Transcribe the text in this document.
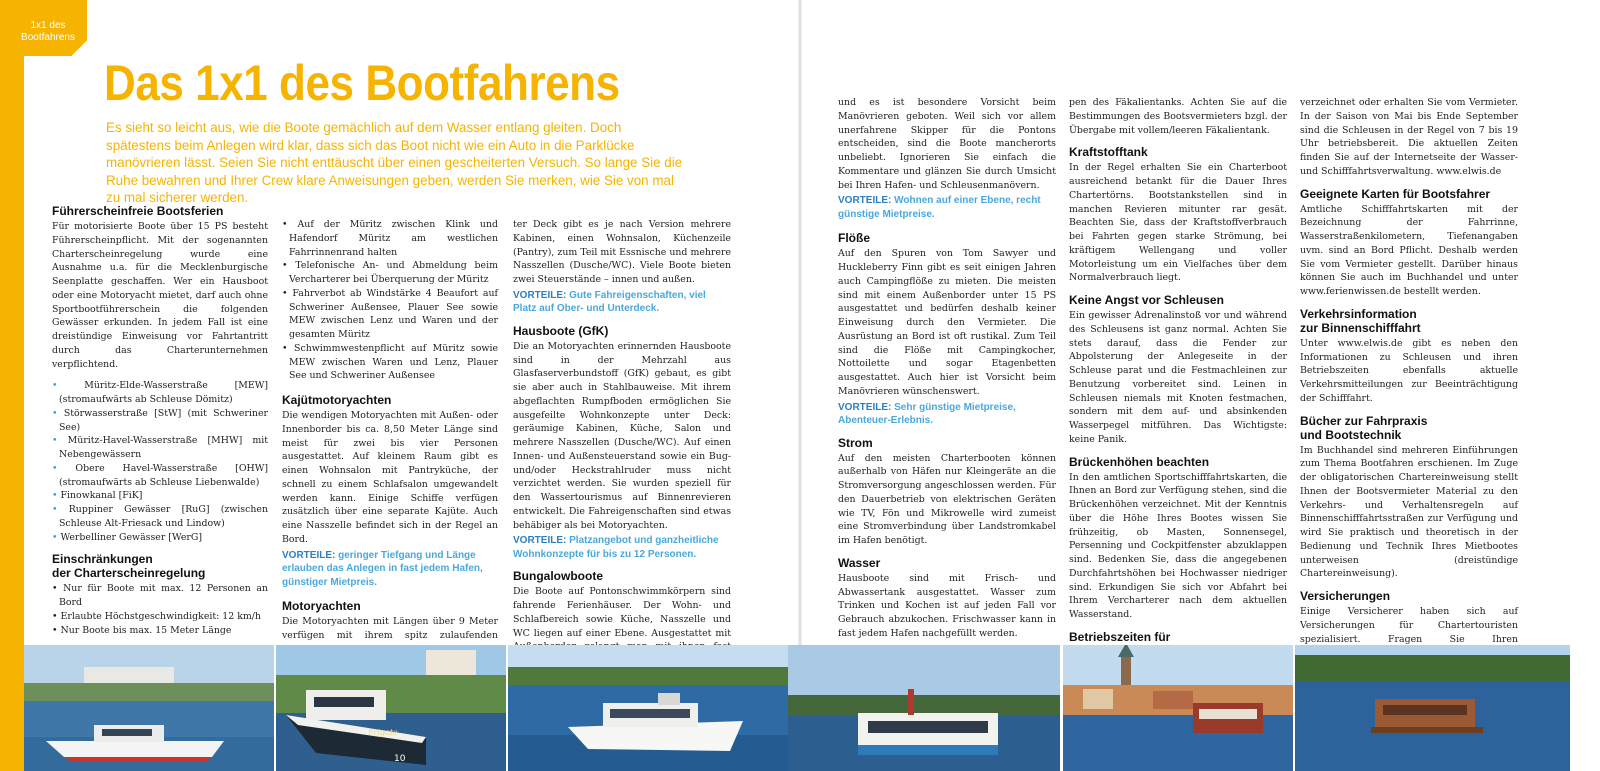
1x1 des
Bootfahrens
Das 1x1 des Bootfahrens

Es sieht so leicht aus, wie die Boote gemächlich auf dem Wasser entlang gleiten. Doch spätestens beim Anlegen wird klar, dass sich das Boot nicht wie ein Auto in die Parklücke manövrieren lässt. Seien Sie nicht enttäuscht über einen gescheiterten Versuch. So lange Sie die Ruhe bewahren und Ihrer Crew klare Anweisungen geben, werden Sie merken, wie Sie von mal zu mal sicherer werden.

Führerscheinfreie Bootsferien

Für motorisierte Boote über 15 PS besteht Führerscheinpflicht. Mit der sogenannten Charterscheinregelung wurde eine Ausnahme u.a. für die Mecklenburgische Seenplatte geschaffen. Wer ein Hausboot oder eine Motoryacht mietet, darf auch ohne Sportbootführerschein die folgenden Gewässer erkunden. In jedem Fall ist eine dreistündige Einweisung vor Fahrtantritt durch das Charterunternehmen verpflichtend.

• Müritz-Elde-Wasserstraße [MEW] (stromaufwärts ab Schleuse Dömitz)
• Störwasserstraße [StW] (mit Schweriner See)
• Müritz-Havel-Wasserstraße [MHW] mit Nebengewässern
• Obere Havel-Wasserstraße [OHW] (stromaufwärts ab Schleuse Liebenwalde)
• Finowkanal [FiK]
• Ruppiner Gewässer [RuG] (zwischen Schleuse Alt-Friesack und Lindow)
• Werbelliner Gewässer [WerG]
Einschränkungen
der Charterscheinregelung
• Nur für Boote mit max. 12 Personen an Bord
• Erlaubte Höchstgeschwindigkeit: 12 km/h
• Nur Boote bis max. 15 Meter Länge
•
• Auf der Müritz zwischen Klink und Hafendorf Müritz am westlichen Fahrrinnenrand halten
• Telefonische An- und Abmeldung beim Vercharterer bei Überquerung der Müritz
• Fahrverbot ab Windstärke 4 Beaufort auf Schweriner Außensee, Plauer See sowie MEW zwischen Lenz und Waren und der gesamten Müritz
• Schwimmwestenpflicht auf Müritz sowie MEW zwischen Waren und Lenz, Plauer See und Schweriner Außensee
Kajütmotoryachten

Die wendigen Motoryachten mit Außen- oder Innenborder bis ca. 8,50 Meter Länge sind meist für zwei bis vier Personen ausgestattet. Auf kleinem Raum gibt es einen Wohnsalon mit Pantryküche, der schnell zu einem Schlafsalon umgewandelt werden kann. Einige Schiffe verfügen zusätzlich über eine separate Kajüte. Auch eine Nasszelle befindet sich in der Regel an Bord.

VORTEILE: geringer Tiefgang und Länge erlauben das Anlegen in fast jedem Hafen, günstiger Mietpreis.
Motoryachten

Die Motoryachten mit Längen über 9 Meter verfügen mit ihrem spitz zulaufenden

ter Deck gibt es je nach Version mehrere Kabinen, einen Wohnsalon, Küchenzeile (Pantry), zum Teil mit Essnische und mehrere Nasszellen (Dusche/WC). Viele Boote bieten zwei Steuerstände – innen und außen.

VORTEILE: Gute Fahreigenschaften, viel Platz auf Ober- und Unterdeck.
Hausboote (GfK)

Die an Motoryachten erinnernden Hausboote sind in der Mehrzahl aus Glasfaserverbundstoff (GfK) gebaut, es gibt sie aber auch in Stahlbauweise. Mit ihrem abgeflachten Rumpfboden ermöglichen Sie ausgefeilte Wohnkonzepte unter Deck: geräumige Kabinen, Küche, Salon und mehrere Nasszellen (Dusche/WC). Auf einen Innen- und Außensteuerstand sowie ein Bug- und/oder Heckstrahlruder muss nicht verzichtet werden. Sie wurden speziell für den Wassertourismus auf Binnenrevieren entwickelt. Die Fahreigenschaften sind etwas behäbiger als bei Motoryachten.

VORTEILE: Platzangebot und ganzheitliche Wohnkonzepte für bis zu 12 Personen.
Bungalowboote

Die Boote auf Pontonschwimmkörpern sind fahrende Ferienhäuser. Der Wohn- und Schlafbereich sowie Küche, Nasszelle und WC liegen auf einer Ebene. Ausgestattet mit

und es ist besondere Vorsicht beim Manövrieren geboten. Weil sich vor allem unerfahrene Skipper für die Pontons entscheiden, sind die Boote mancherorts unbeliebt. Ignorieren Sie einfach die Kommentare und glänzen Sie durch Umsicht bei Ihren Hafen- und Schleusenmanövern.

VORTEILE: Wohnen auf einer Ebene, recht günstige Mietpreise.
Flöße

Auf den Spuren von Tom Sawyer und Huckleberry Finn gibt es seit einigen Jahren auch Campingflöße zu mieten. Die meisten sind mit einem Außenborder unter 15 PS ausgestattet und bedürfen deshalb keiner Einweisung durch den Vermieter. Die Ausrüstung an Bord ist oft rustikal. Zum Teil sind die Flöße mit Campingkocher, Nottoilette und sogar Etagenbetten ausgestattet. Auch hier ist Vorsicht beim Manövrieren wünschenswert.

VORTEILE: Sehr günstige Mietpreise, Abenteuer-Erlebnis.
Strom

Auf den meisten Charterbooten können außerhalb von Häfen nur Kleingeräte an die Stromversorgung angeschlossen werden. Für den Dauerbetrieb von elektrischen Geräten wie TV, Fön und Mikrowelle wird zumeist eine Stromverbindung über Landstromkabel im Hafen benötigt.

Wasser

Hausboote sind mit Frisch- und Abwassertank ausgestattet. Wasser zum Trinken und Kochen ist auf jeden Fall vor Gebrauch abzukochen. Frischwasser kann in fast jedem Hafen nachgefüllt werden.

pen des Fäkalientanks. Achten Sie auf die Bestimmungen des Bootsvermieters bzgl. der Übergabe mit vollem/leeren Fäkalientank.

Kraftstofftank

In der Regel erhalten Sie ein Charterboot ausreichend betankt für die Dauer Ihres Chartertörns. Bootstankstellen sind in manchen Revieren mitunter rar gesät. Beachten Sie, dass der Kraftstoffverbrauch bei Fahrten gegen starke Strömung, bei kräftigem Wellengang und voller Motorleistung um ein Vielfaches über dem Normalverbrauch liegt.

Keine Angst vor Schleusen

Ein gewisser Adrenalinstoß vor und während des Schleusens ist ganz normal. Achten Sie stets darauf, dass die Fender zur Abpolsterung der Anlegeseite in der Schleuse parat und die Festmachleinen zur Benutzung vorbereitet sind. Leinen in Schleusen niemals mit Knoten festmachen, sondern mit dem auf- und absinkenden Wasserpegel mitführen. Das Wichtigste: keine Panik.

Brückenhöhen beachten

In den amtlichen Sportschifffahrtskarten, die Ihnen an Bord zur Verfügung stehen, sind die Brückenhöhen verzeichnet. Mit der Kenntnis über die Höhe Ihres Bootes wissen Sie frühzeitig, ob Masten, Sonnensegel, Persenning und Cockpitfenster abzuklappen sind. Bedenken Sie, dass die angegebenen Durchfahrtshöhen bei Hochwasser niedriger sind. Erkundigen Sie sich vor Abfahrt bei Ihrem Vercharterer nach dem aktuellen Wasserstand.

Betriebszeiten für

verzeichnet oder erhalten Sie vom Vermieter. In der Saison von Mai bis Ende September sind die Schleusen in der Regel von 7 bis 19 Uhr betriebsbereit. Die aktuellen Zeiten finden Sie auf der Internetseite der Wasser- und Schifffahrtsverwaltung. www.elwis.de

Geeignete Karten für Bootsfahrer

Amtliche Schifffahrtskarten mit der Bezeichnung der Fahrrinne, Wasserstraßenkilometern, Tiefenangaben uvm. sind an Bord Pflicht. Deshalb werden Sie vom Vermieter gestellt. Darüber hinaus können Sie auch im Buchhandel und unter www.ferienwissen.de bestellt werden.

Verkehrsinformation
zur Binnenschifffahrt

Unter www.elwis.de gibt es neben den Informationen zu Schleusen und ihren Betriebszeiten ebenfalls aktuelle Verkehrsmitteilungen zur Beeinträchtigung der Schifffahrt.

Bücher zur Fahrpraxis
und Bootstechnik

Im Buchhandel sind mehreren Einführungen zum Thema Bootfahren erschienen. Im Zuge der obligatorischen Chartereinweisung stellt Ihnen der Bootsvermieter Material zu den Verkehrs- und Verhaltensregeln auf Binnenschifffahrtsstraßen zur Verfügung und wird Sie praktisch und theoretisch in der Bedienung und Technik Ihres Mietbootes unterweisen (dreistündige Chartereinweisung).

Versicherungen

Einige Versicherer haben sich auf Versicherungen für Chartertouristen spezialisiert. Fragen Sie Ihren

Frigate
10
